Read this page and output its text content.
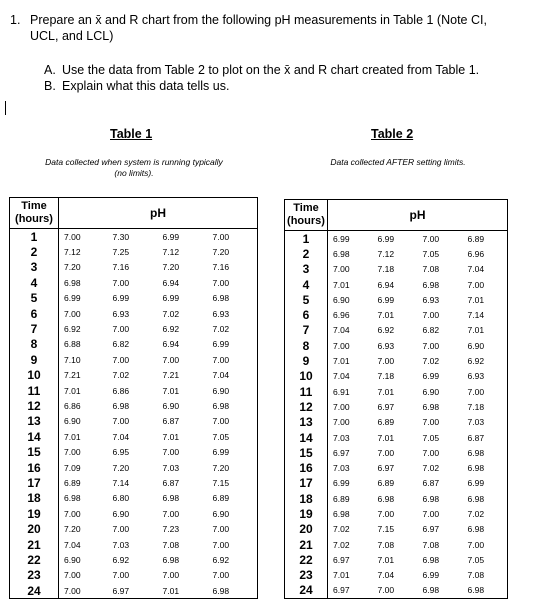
1. Prepare an x̄ and R chart from the following pH measurements in Table 1 (Note CI, UCL, and LCL)
A. Use the data from Table 2 to plot on the x̄ and R chart created from Table 1.
B. Explain what this data tells us.
Table 1
Data collected when system is running typically
(no limits).
Table 2
Data collected AFTER setting limits.
Time (hours)	pH			
1	7.00	7.30	6.99	7.00
2	7.12	7.25	7.12	7.20
3	7.20	7.16	7.20	7.16
4	6.98	7.00	6.94	7.00
5	6.99	6.99	6.99	6.98
6	7.00	6.93	7.02	6.93
7	6.92	7.00	6.92	7.02
8	6.88	6.82	6.94	6.99
9	7.10	7.00	7.00	7.00
10	7.21	7.02	7.21	7.04
11	7.01	6.86	7.01	6.90
12	6.86	6.98	6.90	6.98
13	6.90	7.00	6.87	7.00
14	7.01	7.04	7.01	7.05
15	7.00	6.95	7.00	6.99
16	7.09	7.20	7.03	7.20
17	6.89	7.14	6.87	7.15
18	6.98	6.80	6.98	6.89
19	7.00	6.90	7.00	6.90
20	7.20	7.00	7.23	7.00
21	7.04	7.03	7.08	7.00
22	6.90	6.92	6.98	6.92
23	7.00	7.00	7.00	7.00
24	7.00	6.97	7.01	6.98
Time (hours)	pH			
1	6.99	6.99	7.00	6.89
2	6.98	7.12	7.05	6.96
3	7.00	7.18	7.08	7.04
4	7.01	6.94	6.98	7.00
5	6.90	6.99	6.93	7.01
6	6.96	7.01	7.00	7.14
7	7.04	6.92	6.82	7.01
8	7.00	6.93	7.00	6.90
9	7.01	7.00	7.02	6.92
10	7.04	7.18	6.99	6.93
11	6.91	7.01	6.90	7.00
12	7.00	6.97	6.98	7.18
13	7.00	6.89	7.00	7.03
14	7.03	7.01	7.05	6.87
15	6.97	7.00	7.00	6.98
16	7.03	6.97	7.02	6.98
17	6.99	6.89	6.87	6.99
18	6.89	6.98	6.98	6.98
19	6.98	7.00	7.00	7.02
20	7.02	7.15	6.97	6.98
21	7.02	7.08	7.08	7.00
22	6.97	7.01	6.98	7.05
23	7.01	7.04	6.99	7.08
24	6.97	7.00	6.98	6.98
